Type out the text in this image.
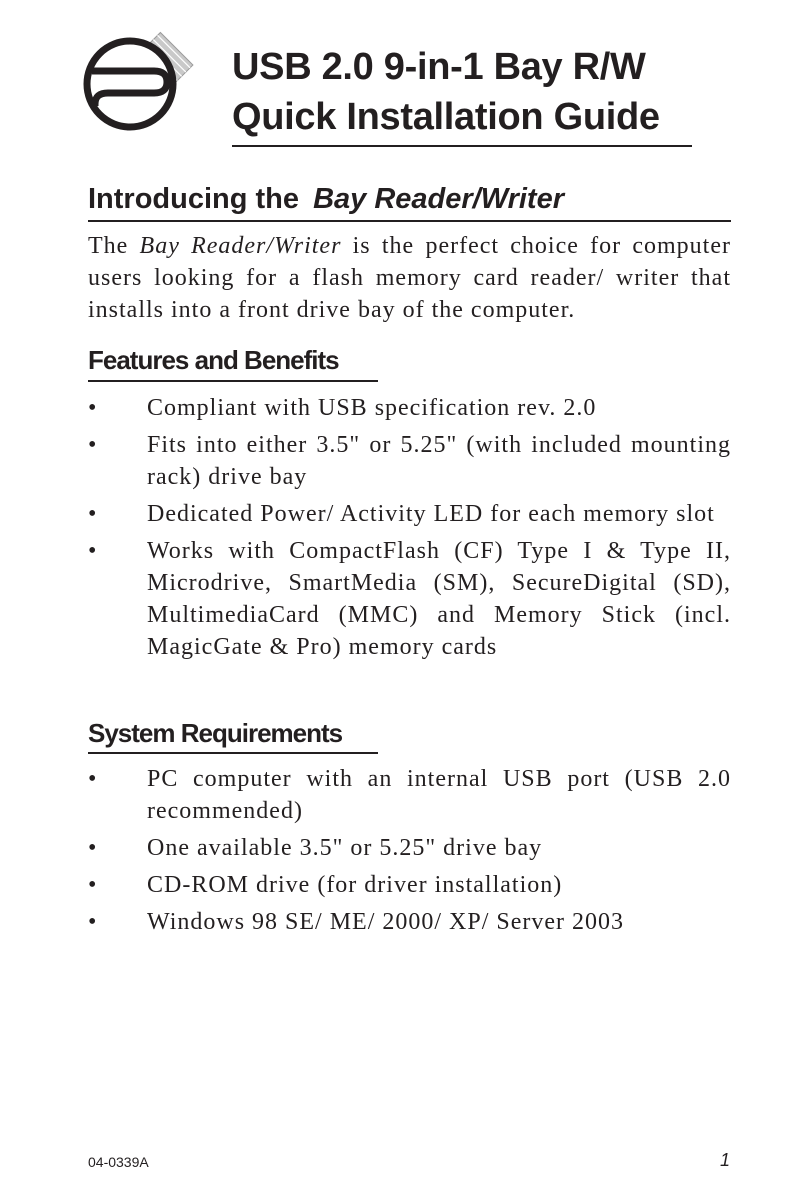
USB 2.0 9-in-1 Bay R/W
Quick Installation Guide
Introducing the Bay Reader/Writer
The Bay Reader/Writer is the perfect choice for computer users looking for a flash memory card reader/ writer that installs into a front drive bay of the computer.
Features and Benefits
• Compliant with USB specification rev. 2.0
• Fits into either 3.5" or 5.25" (with included mounting rack) drive bay
• Dedicated Power/ Activity LED for each memory slot
• Works with CompactFlash (CF) Type I & Type II, Microdrive, SmartMedia (SM), SecureDigital (SD), MultimediaCard (MMC) and Memory Stick (incl. MagicGate & Pro) memory cards
System Requirements
• PC computer with an internal USB port (USB 2.0 recommended)
• One available 3.5" or 5.25" drive bay
• CD-ROM drive (for driver installation)
• Windows 98 SE/ ME/ 2000/ XP/ Server 2003
04-0339A	1
